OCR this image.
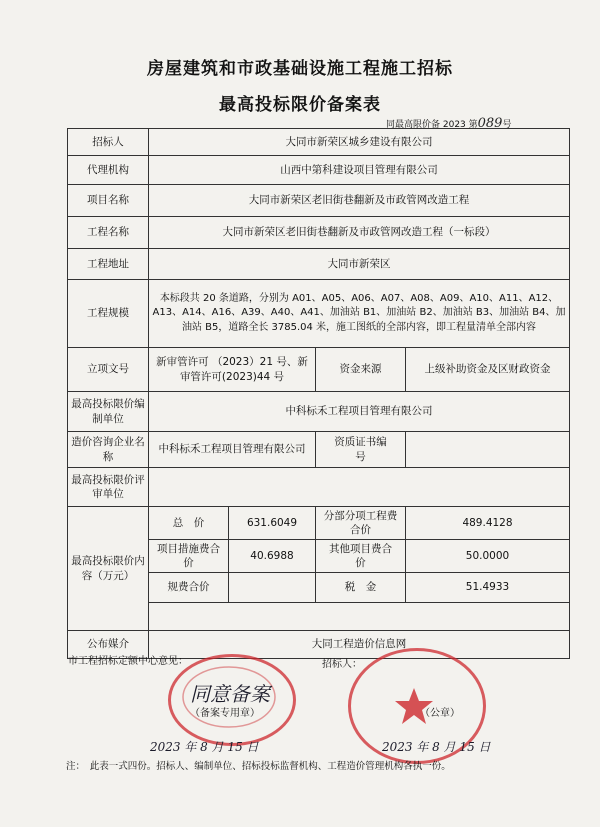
房屋建筑和市政基础设施工程施工招标
最高投标限价备案表
同最高限价备 2023 第089号
招标人	大同市新荣区城乡建设有限公司			
代理机构	山西中第科建设项目管理有限公司			
项目名称	大同市新荣区老旧街巷翻新及市政管网改造工程			
工程名称	大同市新荣区老旧街巷翻新及市政管网改造工程（一标段）			
工程地址	大同市新荣区			
工程规模	本标段共 20 条道路，分别为 A01、A05、A06、A07、A08、A09、A10、A11、A12、A13、A14、A16、A39、A40、A41、加油站 B1、加油站 B2、加油站 B3、加油站 B4、加油站 B5，道路全长 3785.04 米，施工图纸的全部内容，即工程量清单全部内容			
立项文号	新审管许可 （2023）21 号、新审管许可(2023)44 号		资金来源	上级补助资金及区财政资金
最高投标限价编制单位	中科标禾工程项目管理有限公司			
造价咨询企业名称	中科标禾工程项目管理有限公司		资质证书编　　号	
最高投标限价评审单位				
最高投标限价内容（万元）	总　价	631.6049	分部分项工程费合价	489.4128
	项目措施费合　价	40.6988	其他项目费合　价	50.0000
	规费合价		税　金	51.4933

公布媒介	大同工程造价信息网			
市工程招标定额中心意见：	招标人：
同意备案
（备案专用章）
2023 年 8 月 15 日
（公章）
2023 年 8 月 15 日
注：　此表一式四份。招标人、编制单位、招标投标监督机构、工程造价管理机构各执一份。
